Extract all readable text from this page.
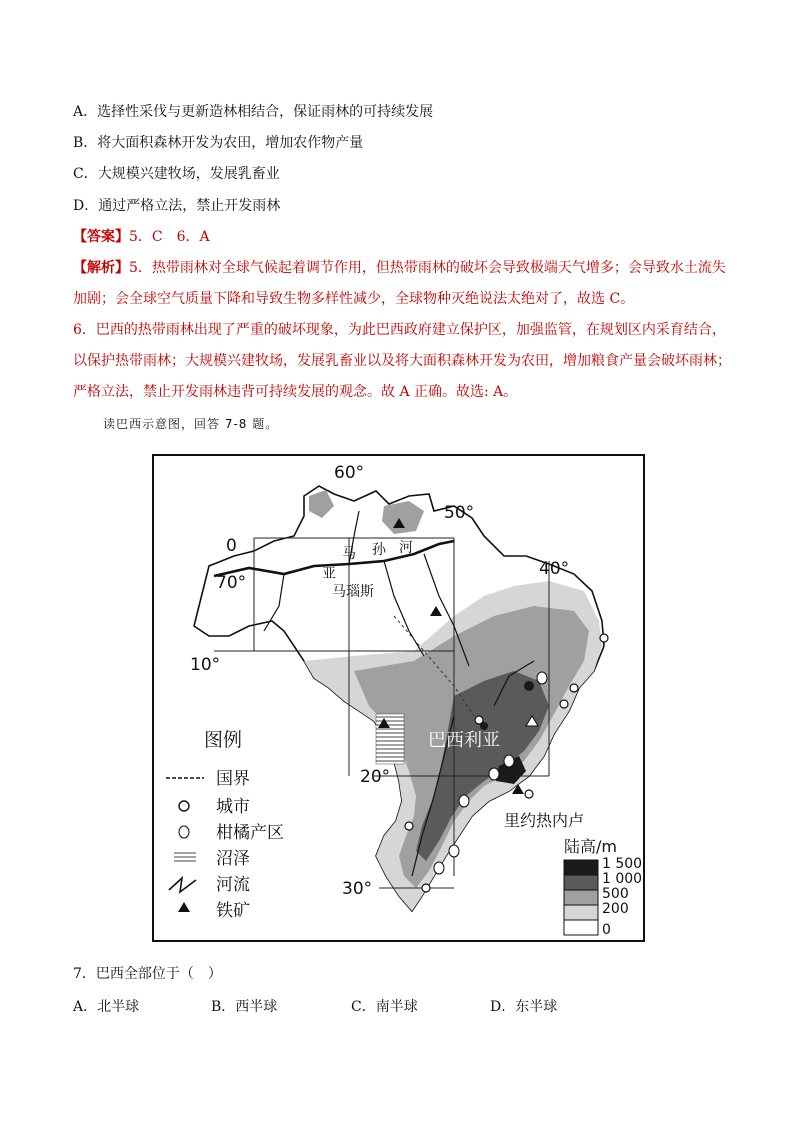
A．选择性采伐与更新造林相结合，保证雨林的可持续发展
B．将大面积森林开发为农田，增加农作物产量
C．大规模兴建牧场，发展乳畜业
D．通过严格立法，禁止开发雨林
【答案】5．C　6．A
【解析】5．热带雨林对全球气候起着调节作用，但热带雨林的破坏会导致极端天气增多；会导致水土流失
加剧；会全球空气质量下降和导致生物多样性减少，全球物种灭绝说法太绝对了，故选 C。
6．巴西的热带雨林出现了严重的破坏现象，为此巴西政府建立保护区，加强监管，在规划区内采育结合，
以保护热带雨林；大规模兴建牧场，发展乳畜业以及将大面积森林开发为农田，增加粮食产量会破坏雨林；
严格立法，禁止开发雨林违背可持续发展的观念。故 A 正确。故选: A。
读巴西示意图，回答 7-8 题。
60°
50°
40°
70°
0
10°
20°
30°
马 孙 河
亚
马瑙斯
巴西利亚
里约热内卢
图例
国界
城市
柑橘产区
沼泽
河流
铁矿
陆高/m
1 500
1 000
500
200
0
7．巴西全部位于（　）
A．北半球	B．西半球	C．南半球	D．东半球
